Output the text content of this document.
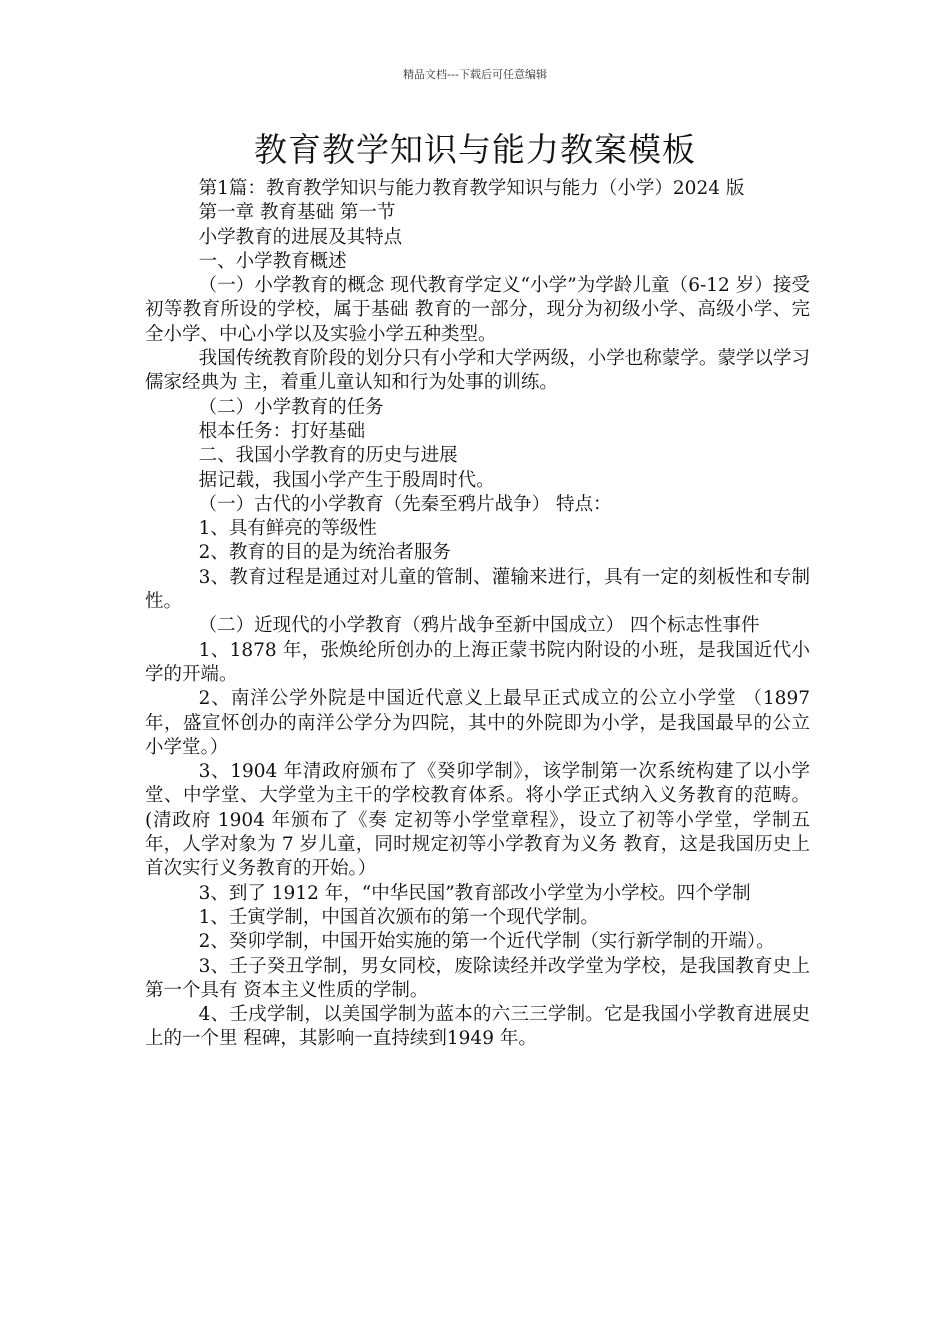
精品文档---下载后可任意编辑
教育教学知识与能力教案模板

第1篇：教育教学知识与能力教育教学知识与能力（小学）2024 版

第一章 教育基础 第一节

小学教育的进展及其特点

一、小学教育概述

（一）小学教育的概念 现代教育学定义“小学”为学龄儿童（6-12 岁）接受初等教育所设的学校，属于基础 教育的一部分，现分为初级小学、高级小学、完全小学、中心小学以及实验小学五种类型。

我国传统教育阶段的划分只有小学和大学两级，小学也称蒙学。蒙学以学习儒家经典为 主，着重儿童认知和行为处事的训练。

（二）小学教育的任务

根本任务：打好基础

二、我国小学教育的历史与进展

据记载，我国小学产生于殷周时代。

（一）古代的小学教育（先秦至鸦片战争） 特点：

1、具有鲜亮的等级性

2、教育的目的是为统治者服务

3、教育过程是通过对儿童的管制、灌输来进行，具有一定的刻板性和专制性。

（二）近现代的小学教育（鸦片战争至新中国成立） 四个标志性事件

1、1878 年，张焕纶所创办的上海正蒙书院内附设的小班，是我国近代小学的开端。

2、南洋公学外院是中国近代意义上最早正式成立的公立小学堂 （1897 年，盛宣怀创办的南洋公学分为四院，其中的外院即为小学，是我国最早的公立小学堂。）

3、1904 年清政府颁布了《癸卯学制》，该学制第一次系统构建了以小学堂、中学堂、大学堂为主干的学校教育体系。将小学正式纳入义务教育的范畴。(清政府 1904 年颁布了《奏 定初等小学堂章程》，设立了初等小学堂，学制五年，人学对象为 7 岁儿童，同时规定初等小学教育为义务 教育，这是我国历史上首次实行义务教育的开始。）

3、到了 1912 年，“中华民国”教育部改小学堂为小学校。四个学制

1、壬寅学制，中国首次颁布的第一个现代学制。

2、癸卯学制，中国开始实施的第一个近代学制（实行新学制的开端）。

3、壬子癸丑学制，男女同校，废除读经并改学堂为学校，是我国教育史上第一个具有 资本主义性质的学制。

4、壬戌学制，以美国学制为蓝本的六三三学制。它是我国小学教育进展史上的一个里 程碑，其影响一直持续到1949 年。
